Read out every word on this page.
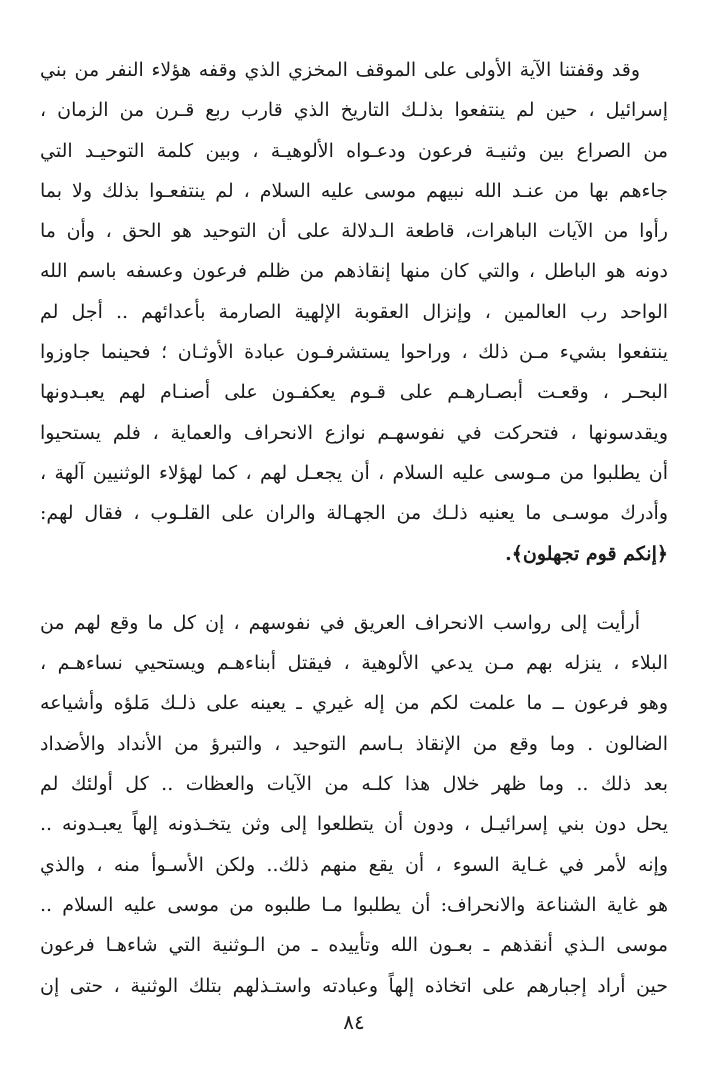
وقد وقفتنا الآية الأولى على الموقف المخزي الذي وقفه هؤلاء النفر من بني
إسرائيل ، حين لم ينتفعوا بذلـك التاريخ الذي قارب ربع قـرن من الزمان ،
من الصراع بين وثنيـة فرعون ودعـواه الألوهيـة ، وبين كلمة التوحيـد التي
جاءهم بها من عنـد الله نبيهم موسى عليه السلام ، لم ينتفعـوا بذلك ولا بما
رأوا من الآيات الباهرات، قاطعة الـدلالة على أن التوحيد هو الحق ، وأن ما
دونه هو الباطل ، والتي كان منها إنقاذهم من ظلم فرعون وعسفه باسم الله
الواحد رب العالمين ، وإنزال العقوبة الإلهية الصارمة بأعدائهم .. أجل لم
ينتفعوا بشيء مـن ذلك ، وراحوا يستشرفـون عبادة الأوثـان ؛ فحينما جاوزوا
البحـر ، وقعـت أبصـارهـم على قـوم يعكفـون على أصنـام لهم يعبـدونها
ويقدسونها ، فتحركت في نفوسهـم نوازع الانحراف والعماية ، فلم يستحيوا
أن يطلبوا من مـوسى عليه السلام ، أن يجعـل لهم ، كما لهؤلاء الوثنيين آلهة ،
وأدرك موسـى ما يعنيه ذلـك من الجهـالة والران على القلـوب ، فقال لهم:
﴿إنكم قوم تجهلون﴾.
أرأيت إلى رواسب الانحراف العريق في نفوسهم ، إن كل ما وقع لهم من
البلاء ، ينزله بهم مـن يدعي الألوهية ، فيقتل أبناءهـم ويستحيي نساءهـم ،
وهو فرعون ــ ما علمت لكم من إله غيري ـ يعينه على ذلـك مَلؤه وأشياعه
الضالون . وما وقع من الإنقاذ بـاسم التوحيد ، والتبرؤ من الأنداد والأضداد
بعد ذلك .. وما ظهر خلال هذا كلـه من الآيات والعظات .. كل أولئك لم
يحل دون بني إسرائيـل ، ودون أن يتطلعوا إلى وثن يتخـذونه إلهاً يعبـدونه ..
وإنه لأمر في غـاية السوء ، أن يقع منهم ذلك.. ولكن الأسـوأ منه ، والذي
هو غاية الشناعة والانحراف: أن يطلبوا مـا طلبوه من موسى عليه السلام ..
موسى الـذي أنقذهم ـ بعـون الله وتأييده ـ من الـوثنية التي شاءهـا فرعون
حين أراد إجبارهم على اتخاذه إلهاً وعبادته واستـذلهم بتلك الوثنية ، حتى إن
٨٤
